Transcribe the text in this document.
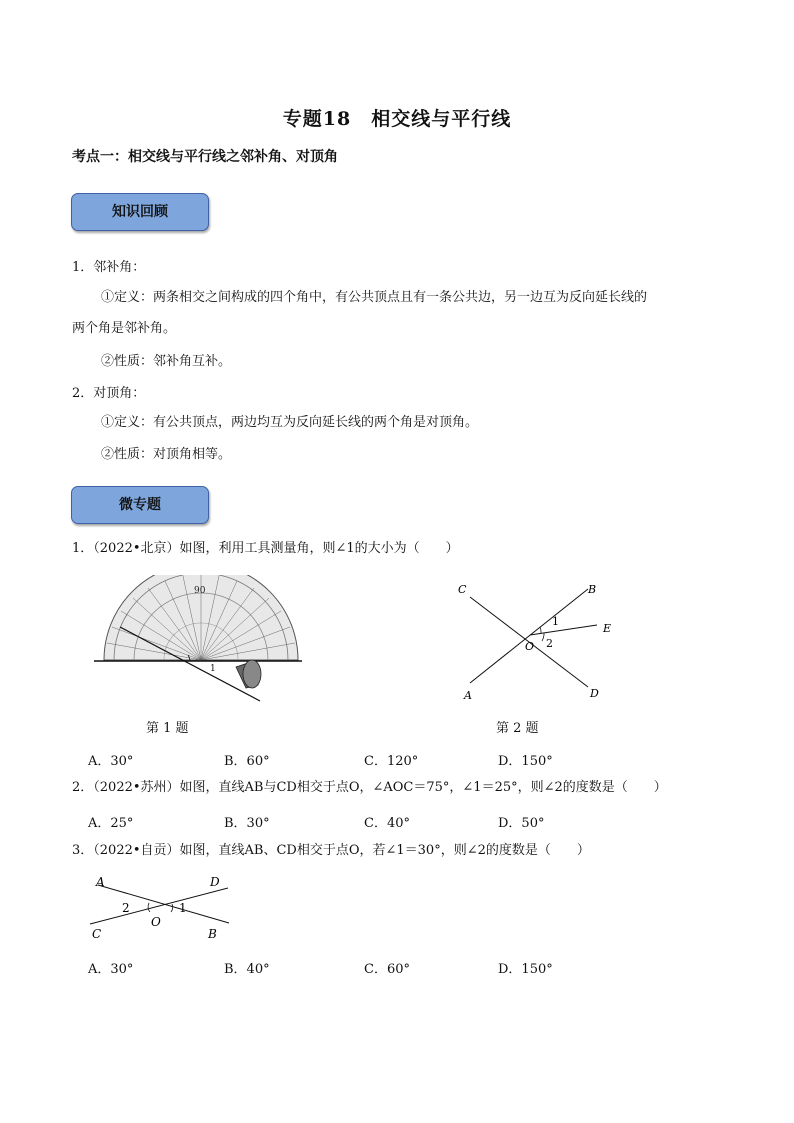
专题18　相交线与平行线
考点一：相交线与平行线之邻补角、对顶角
知识回顾
1．邻补角：
①定义：两条相交之间构成的四个角中，有公共顶点且有一条公共边，另一边互为反向延长线的
两个角是邻补角。
②性质：邻补角互补。
2．对顶角：
①定义：有公共顶点，两边均互为反向延长线的两个角是对顶角。
②性质：对顶角相等。
微专题
1．（2022•北京）如图，利用工具测量角，则∠1的大小为（　　）
90
1
第 1 题
C	B
E
O
A	D
1
2
第 2 题
A．30°	B．60°	C．120°	D．150°
2．（2022•苏州）如图，直线AB与CD相交于点O，∠AOC＝75°，∠1＝25°，则∠2的度数是（　　）
A．25°	B．30°	C．40°	D．50°
3．（2022•自贡）如图，直线AB、CD相交于点O，若∠1＝30°，则∠2的度数是（　　）
A	D
2	1
O
C	B
A．30°	B．40°	C．60°	D．150°
